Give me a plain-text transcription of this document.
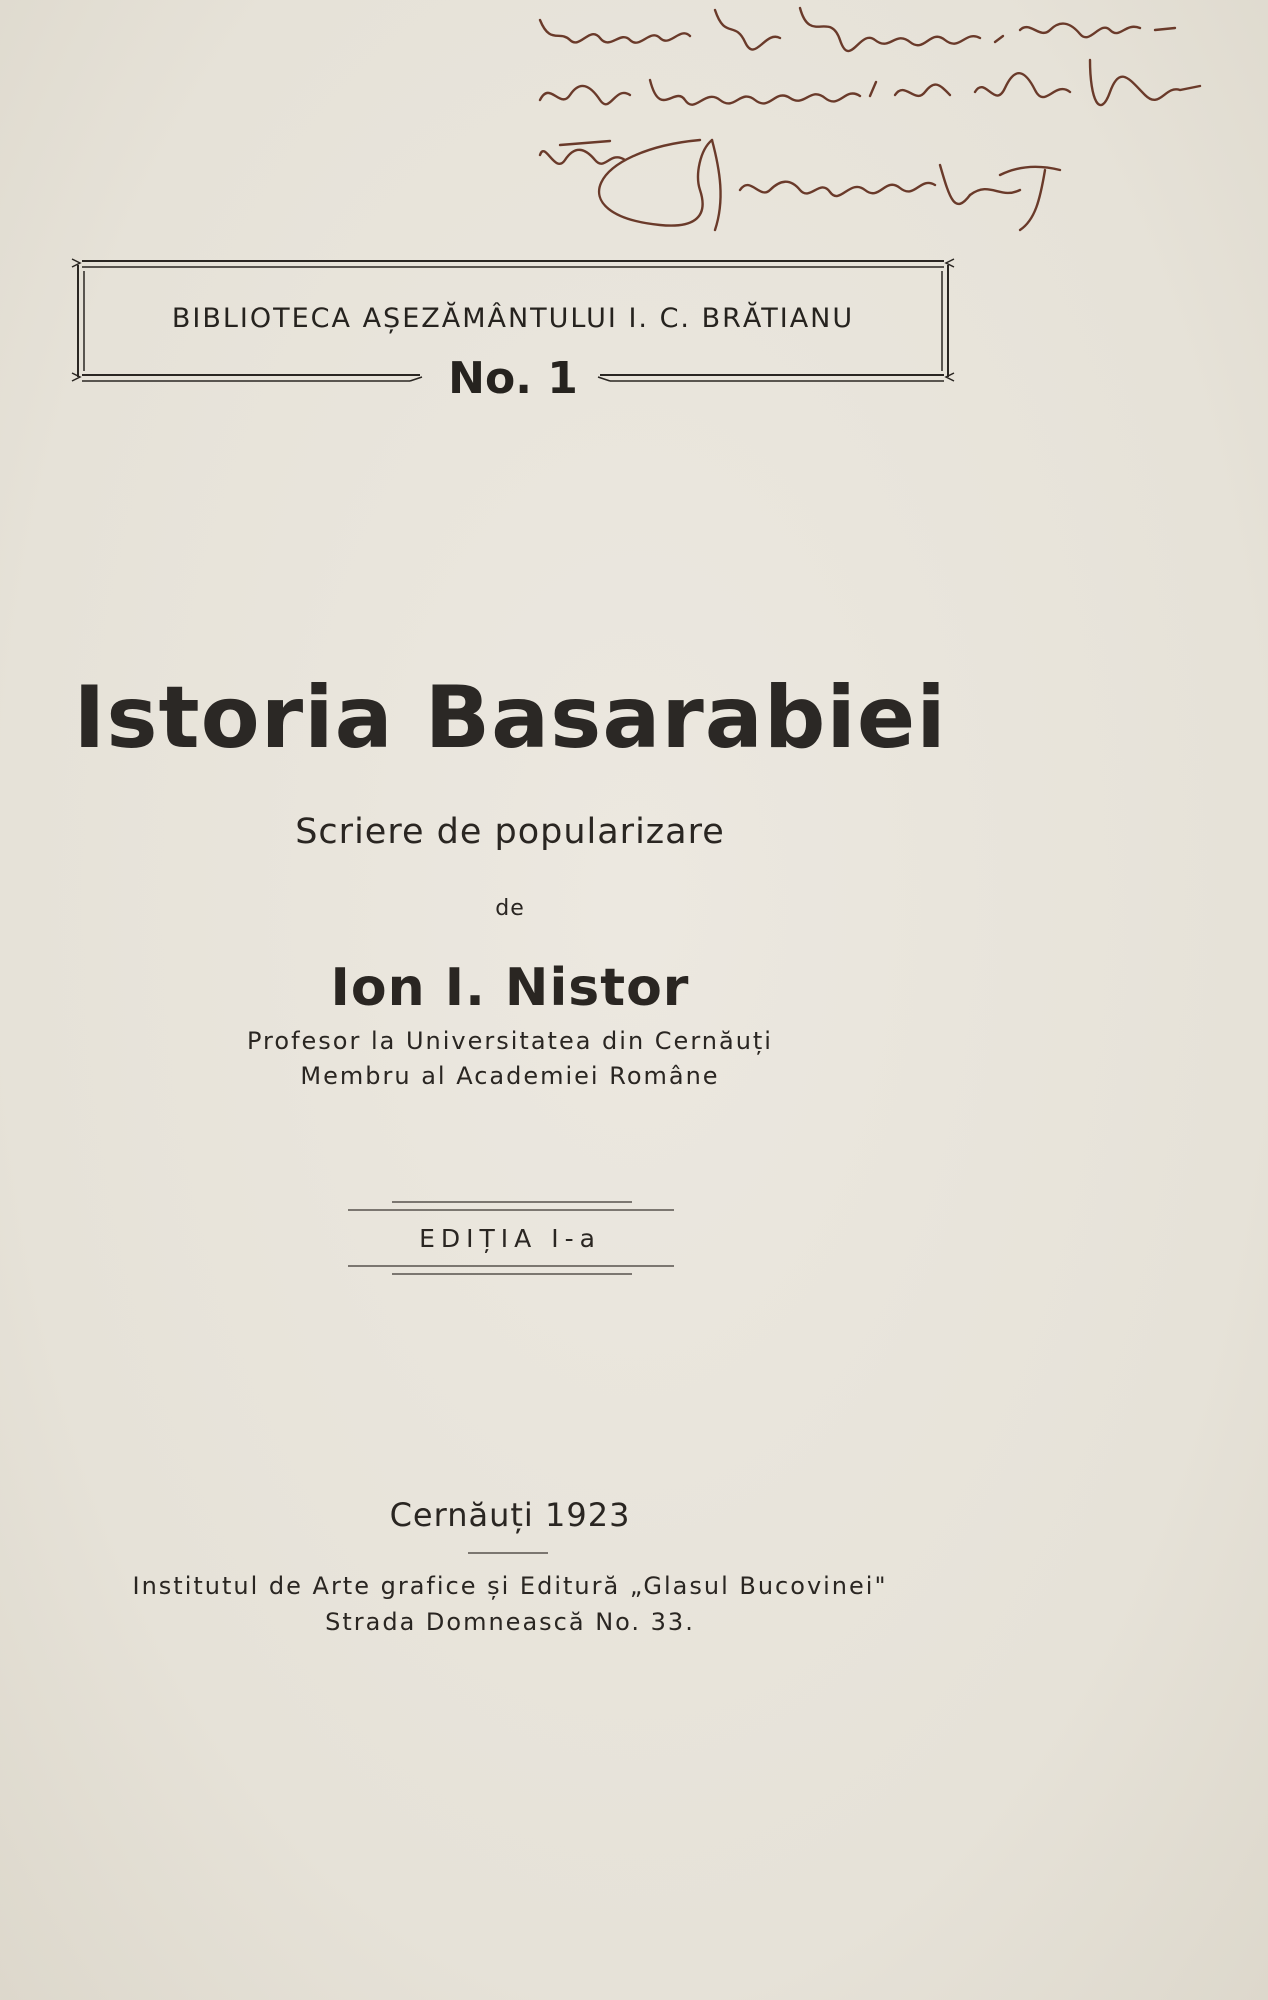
BIBLIOTECA AȘEZĂMÂNTULUI I. C. BRĂTIANU
No. 1
Istoria Basarabiei
Scriere de popularizare
de
Ion I. Nistor
Profesor la Universitatea din Cernăuți
Membru al Academiei Române
EDIȚIA I-a
Cernăuți 1923
Institutul de Arte grafice și Editură „Glasul Bucovinei"
Strada Domnească No. 33.
